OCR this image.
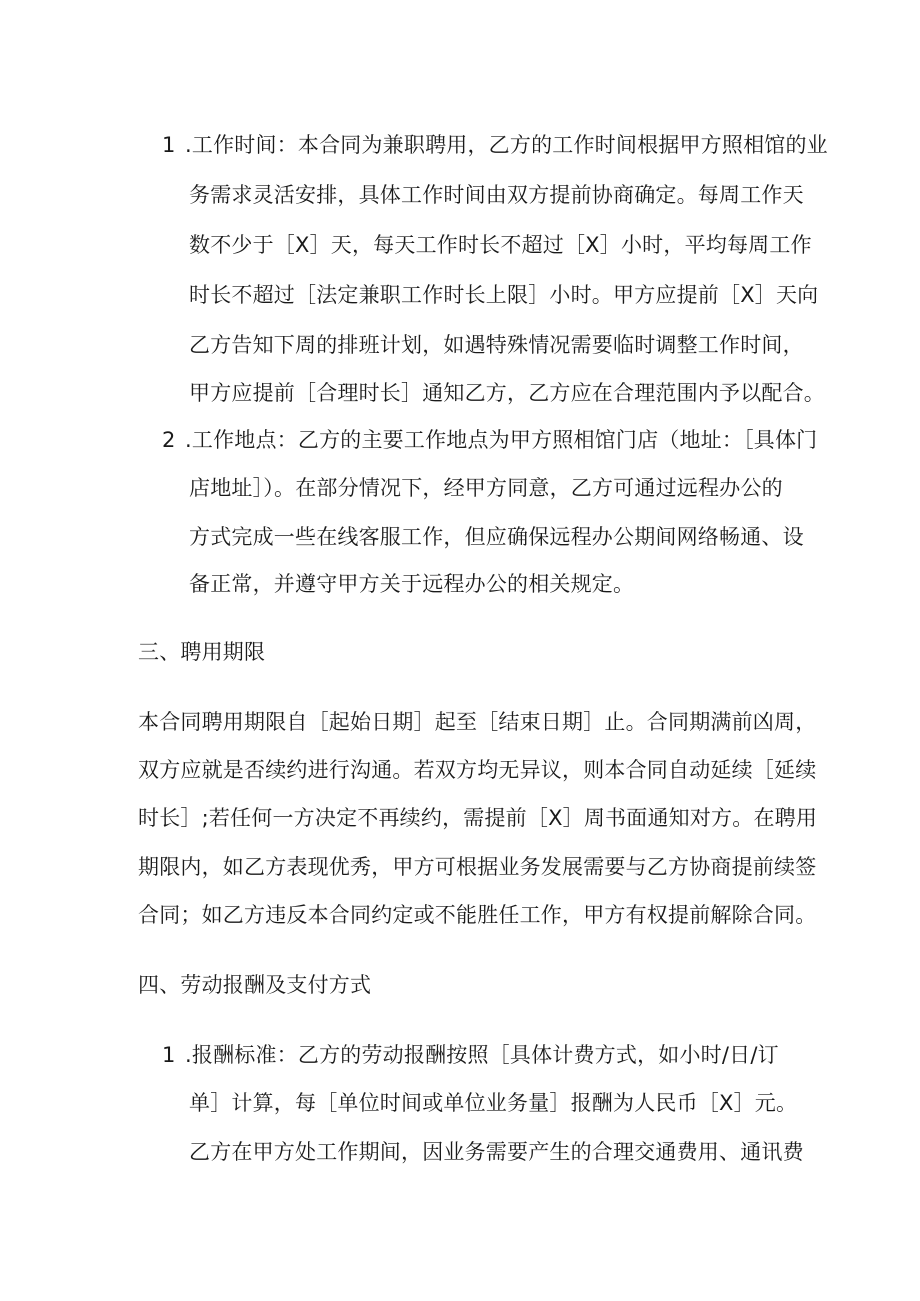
1 .工作时间：本合同为兼职聘用，乙方的工作时间根据甲方照相馆的业
务需求灵活安排，具体工作时间由双方提前协商确定。每周工作天
数不少于［X］天，每天工作时长不超过［X］小时，平均每周工作
时长不超过［法定兼职工作时长上限］小时。甲方应提前［X］天向
乙方告知下周的排班计划，如遇特殊情况需要临时调整工作时间，
甲方应提前［合理时长］通知乙方，乙方应在合理范围内予以配合。
2 .工作地点：乙方的主要工作地点为甲方照相馆门店（地址：［具体门
店地址］）。在部分情况下，经甲方同意，乙方可通过远程办公的
方式完成一些在线客服工作，但应确保远程办公期间网络畅通、设
备正常，并遵守甲方关于远程办公的相关规定。
三、聘用期限
本合同聘用期限自［起始日期］起至［结束日期］止。合同期满前凶周，
双方应就是否续约进行沟通。若双方均无异议，则本合同自动延续［延续
时长］;若任何一方决定不再续约，需提前［X］周书面通知对方。在聘用
期限内，如乙方表现优秀，甲方可根据业务发展需要与乙方协商提前续签
合同；如乙方违反本合同约定或不能胜任工作，甲方有权提前解除合同。
四、劳动报酬及支付方式
1 .报酬标准：乙方的劳动报酬按照［具体计费方式，如小时/日/订
单］计算，每［单位时间或单位业务量］报酬为人民币［X］元。
乙方在甲方处工作期间，因业务需要产生的合理交通费用、通讯费
